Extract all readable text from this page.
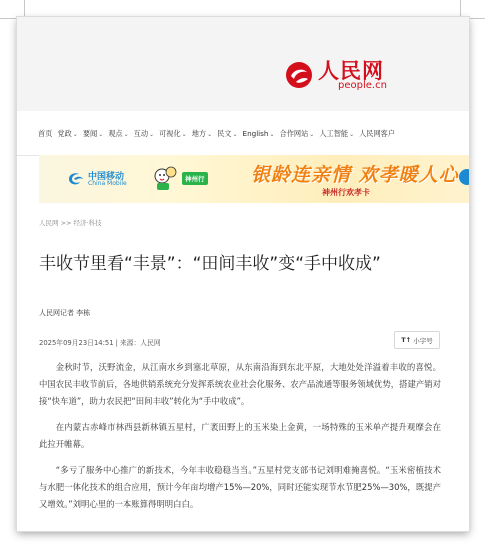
人民网
people.cn
首页 党政⌄ 要闻⌄ 观点⌄ 互动⌄ 可视化⌄ 地方⌄ 民文⌄ English⌄ 合作网站⌄ 人工智能⌄ 人民网客户
中国移动
China Mobile
神州行 银龄连亲情 欢孝暖人心
神州行欢孝卡
人民网 >> 经济·科技
丰收节里看“丰景”：“田间丰收”变“手中收成”
人民网记者 李栋
2025年09月23日14:51 | 来源：人民网	T↑ 小字号

金秋时节，沃野流金，从江南水乡到塞北草原，从东南沿海到东北平原，大地处处洋溢着丰收的喜悦。中国农民丰收节前后，各地供销系统充分发挥系统农业社会化服务、农产品流通等服务领域优势，搭建产销对接“快车道”，助力农民把“田间丰收”转化为“手中收成”。

在内蒙古赤峰市林西县新林镇五星村，广袤田野上的玉米染上金黄，一场特殊的玉米单产提升观摩会在此拉开帷幕。

“多亏了服务中心推广的新技术，今年丰收稳稳当当。”五星村党支部书记刘明难掩喜悦。“玉米密植技术与水肥一体化技术的组合应用，预计今年亩均增产15%—20%，同时还能实现节水节肥25%—30%，既提产又增效。”刘明心里的一本账算得明明白白。
